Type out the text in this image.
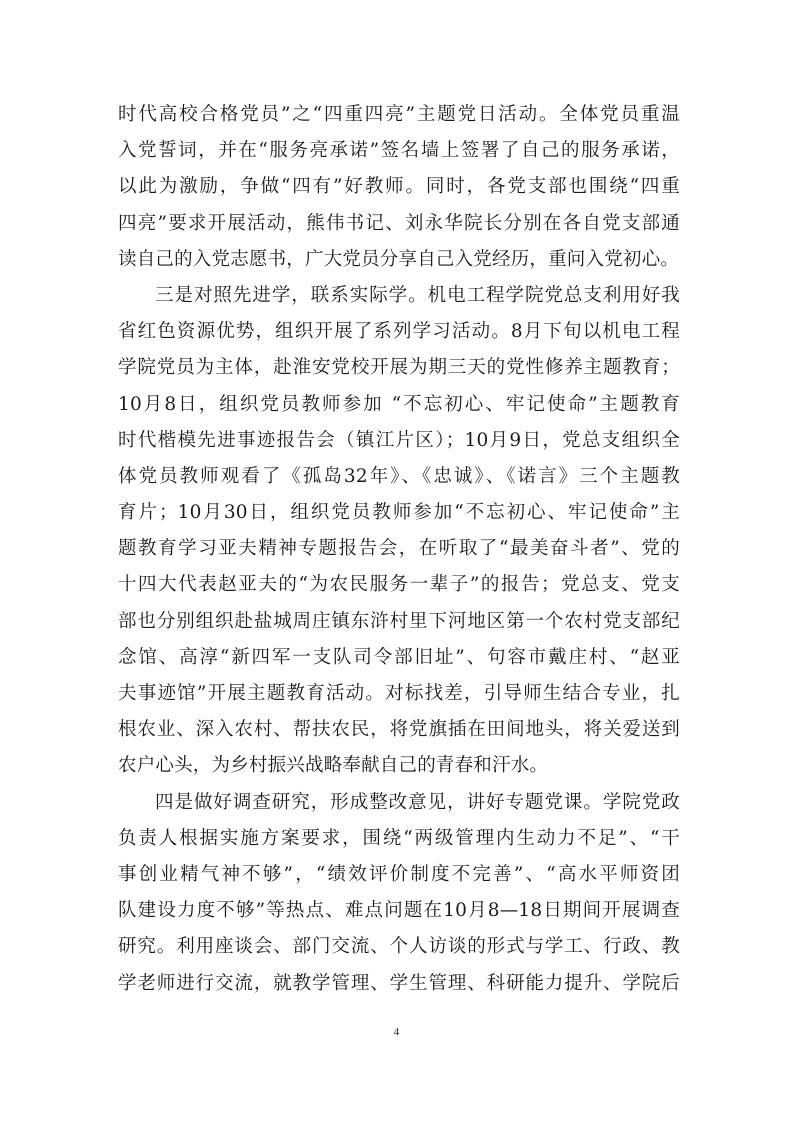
时代高校合格党员”之“四重四亮”主题党日活动。全体党员重温
入党誓词，并在“服务亮承诺”签名墙上签署了自己的服务承诺，
以此为激励，争做“四有”好教师。同时，各党支部也围绕“四重
四亮”要求开展活动，熊伟书记、刘永华院长分别在各自党支部通
读自己的入党志愿书，广大党员分享自己入党经历，重问入党初心。
三是对照先进学，联系实际学。机电工程学院党总支利用好我
省红色资源优势，组织开展了系列学习活动。8月下旬以机电工程
学院党员为主体，赴淮安党校开展为期三天的党性修养主题教育；
10月8日，组织党员教师参加 “不忘初心、牢记使命”主题教育
时代楷模先进事迹报告会（镇江片区）；10月9日，党总支组织全
体党员教师观看了《孤岛32年》、《忠诚》、《诺言》三个主题教
育片；10月30日，组织党员教师参加“不忘初心、牢记使命”主
题教育学习亚夫精神专题报告会，在听取了“最美奋斗者”、党的
十四大代表赵亚夫的“为农民服务一辈子”的报告；党总支、党支
部也分别组织赴盐城周庄镇东浒村里下河地区第一个农村党支部纪
念馆、高淳“新四军一支队司令部旧址”、句容市戴庄村、“赵亚
夫事迹馆”开展主题教育活动。对标找差，引导师生结合专业，扎
根农业、深入农村、帮扶农民，将党旗插在田间地头，将关爱送到
农户心头，为乡村振兴战略奉献自己的青春和汗水。
四是做好调查研究，形成整改意见，讲好专题党课。学院党政
负责人根据实施方案要求，围绕“两级管理内生动力不足”、“干
事创业精气神不够”，“绩效评价制度不完善”、“高水平师资团
队建设力度不够”等热点、难点问题在10月8—18日期间开展调查
研究。利用座谈会、部门交流、个人访谈的形式与学工、行政、教
学老师进行交流，就教学管理、学生管理、科研能力提升、学院后
4
